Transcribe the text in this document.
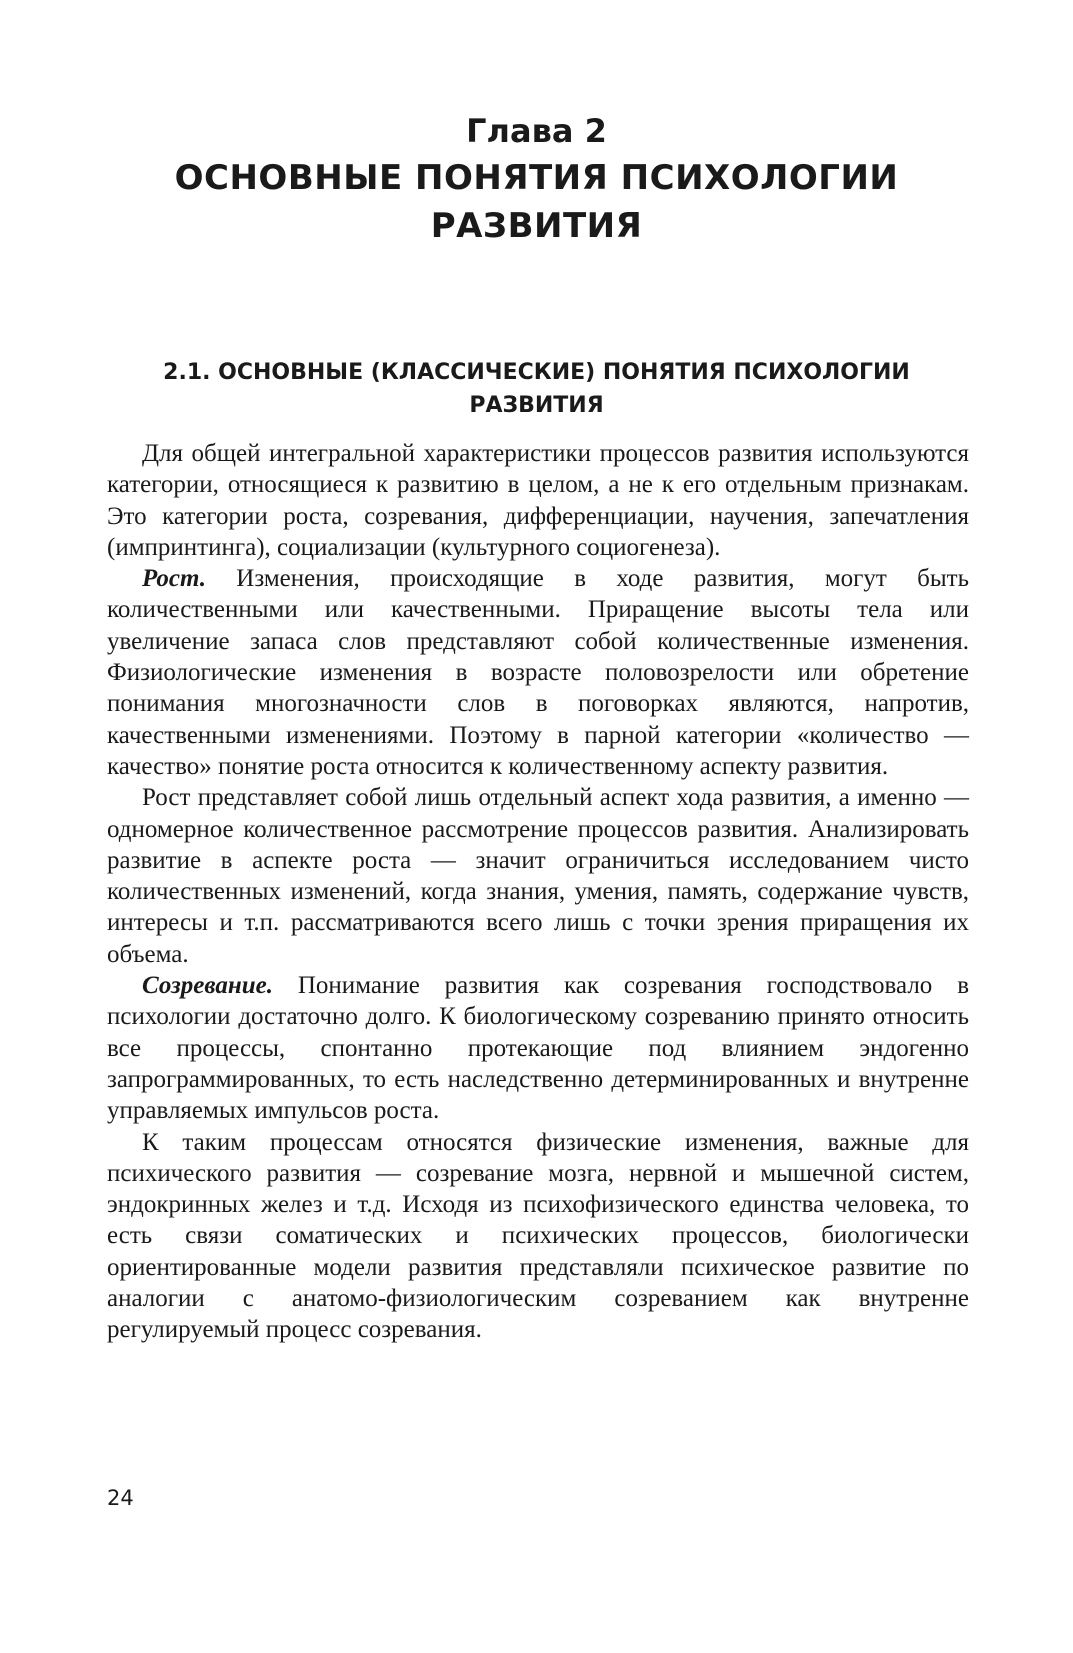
Глава 2

ОСНОВНЫЕ ПОНЯТИЯ ПСИХОЛОГИИ

РАЗВИТИЯ

2.1. ОСНОВНЫЕ (КЛАССИЧЕСКИЕ) ПОНЯТИЯ ПСИХОЛОГИИ
РАЗВИТИЯ

Для общей интегральной характеристики процессов развития используются категории, относящиеся к развитию в целом, а не к его отдельным признакам. Это категории роста, созревания, дифференциации, научения, запечатления (импринтинга), социализации (культурного социогенеза).

Рост. Изменения, происходящие в ходе развития, могут быть количественными или качественными. Приращение высоты тела или увеличение запаса слов представляют собой количественные изменения. Физиологические изменения в возрасте половозрелости или обретение понимания многозначности слов в поговорках являются, напротив, качественными изменениями. Поэтому в парной категории «количество — качество» понятие роста относится к количественному аспекту развития.

Рост представляет собой лишь отдельный аспект хода развития, а именно — одномерное количественное рассмотрение процессов развития. Анализировать развитие в аспекте роста — значит ограничиться исследованием чисто количественных изменений, когда знания, умения, память, содержание чувств, интересы и т.п. рассматриваются всего лишь с точки зрения приращения их объема.

Созревание. Понимание развития как созревания господствовало в психологии достаточно долго. К биологическому созреванию принято относить все процессы, спонтанно протекающие под влиянием эндогенно запрограммированных, то есть наследственно детерминированных и внутренне управляемых импульсов роста.

К таким процессам относятся физические изменения, важные для психического развития — созревание мозга, нервной и мышечной систем, эндокринных желез и т.д. Исходя из психофизического единства человека, то есть связи соматических и психических процессов, биологически ориентированные модели развития представляли психическое развитие по аналогии с анатомо-физиологическим созреванием как внутренне регулируемый процесс созревания.

24
